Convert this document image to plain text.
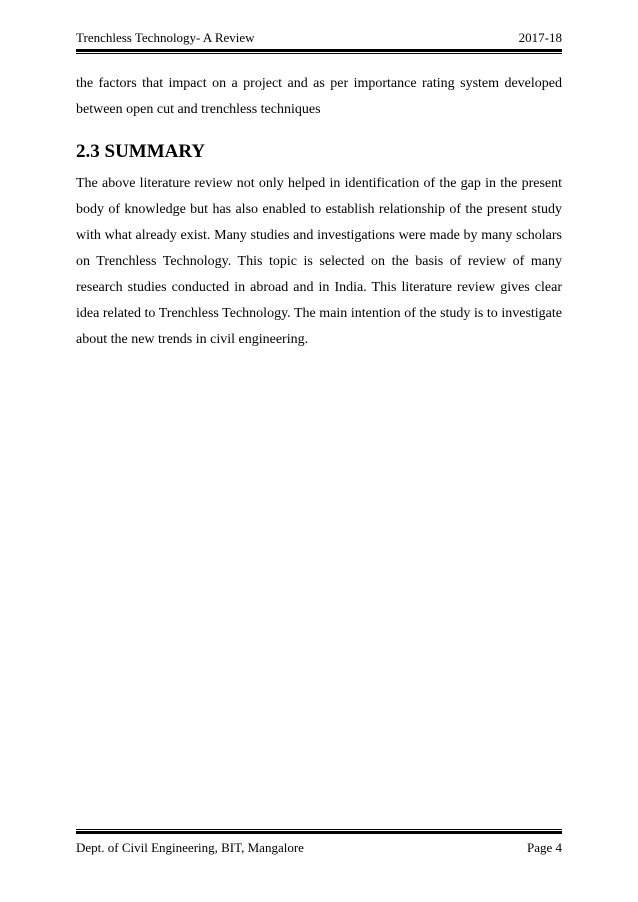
Trenchless Technology- A Review	2017-18

the factors that impact on a project and as per importance rating system developed between open cut and trenchless techniques

2.3 SUMMARY

The above literature review not only helped in identification of the gap in the present body of knowledge but has also enabled to establish relationship of the present study with what already exist. Many studies and investigations were made by many scholars on Trenchless Technology. This topic is selected on the basis of review of many research studies conducted in abroad and in India. This literature review gives clear idea related to Trenchless Technology. The main intention of the study is to investigate about the new trends in civil engineering.

Dept. of Civil Engineering, BIT, Mangalore	Page 4
